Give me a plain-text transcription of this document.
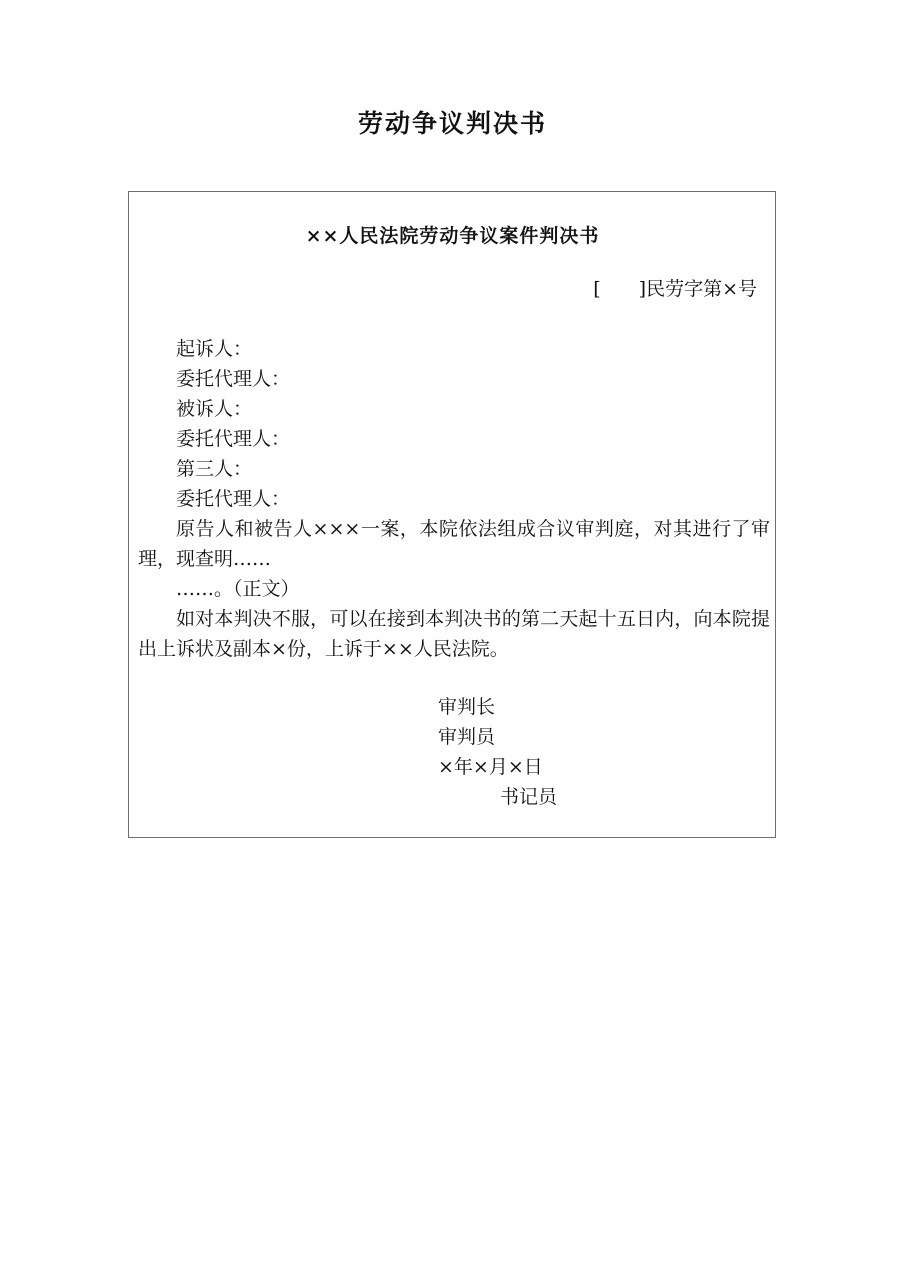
劳动争议判决书
××人民法院劳动争议案件判决书
[　　]民劳字第×号

起诉人：

委托代理人：

被诉人：

委托代理人：

第三人：

委托代理人：

原告人和被告人×××一案，本院依法组成合议审判庭，对其进行了审理，现查明……

……。（正文）

如对本判决不服，可以在接到本判决书的第二天起十五日内，向本院提出上诉状及副本×份，上诉于××人民法院。

审判长
审判员
×年×月×日
书记员
